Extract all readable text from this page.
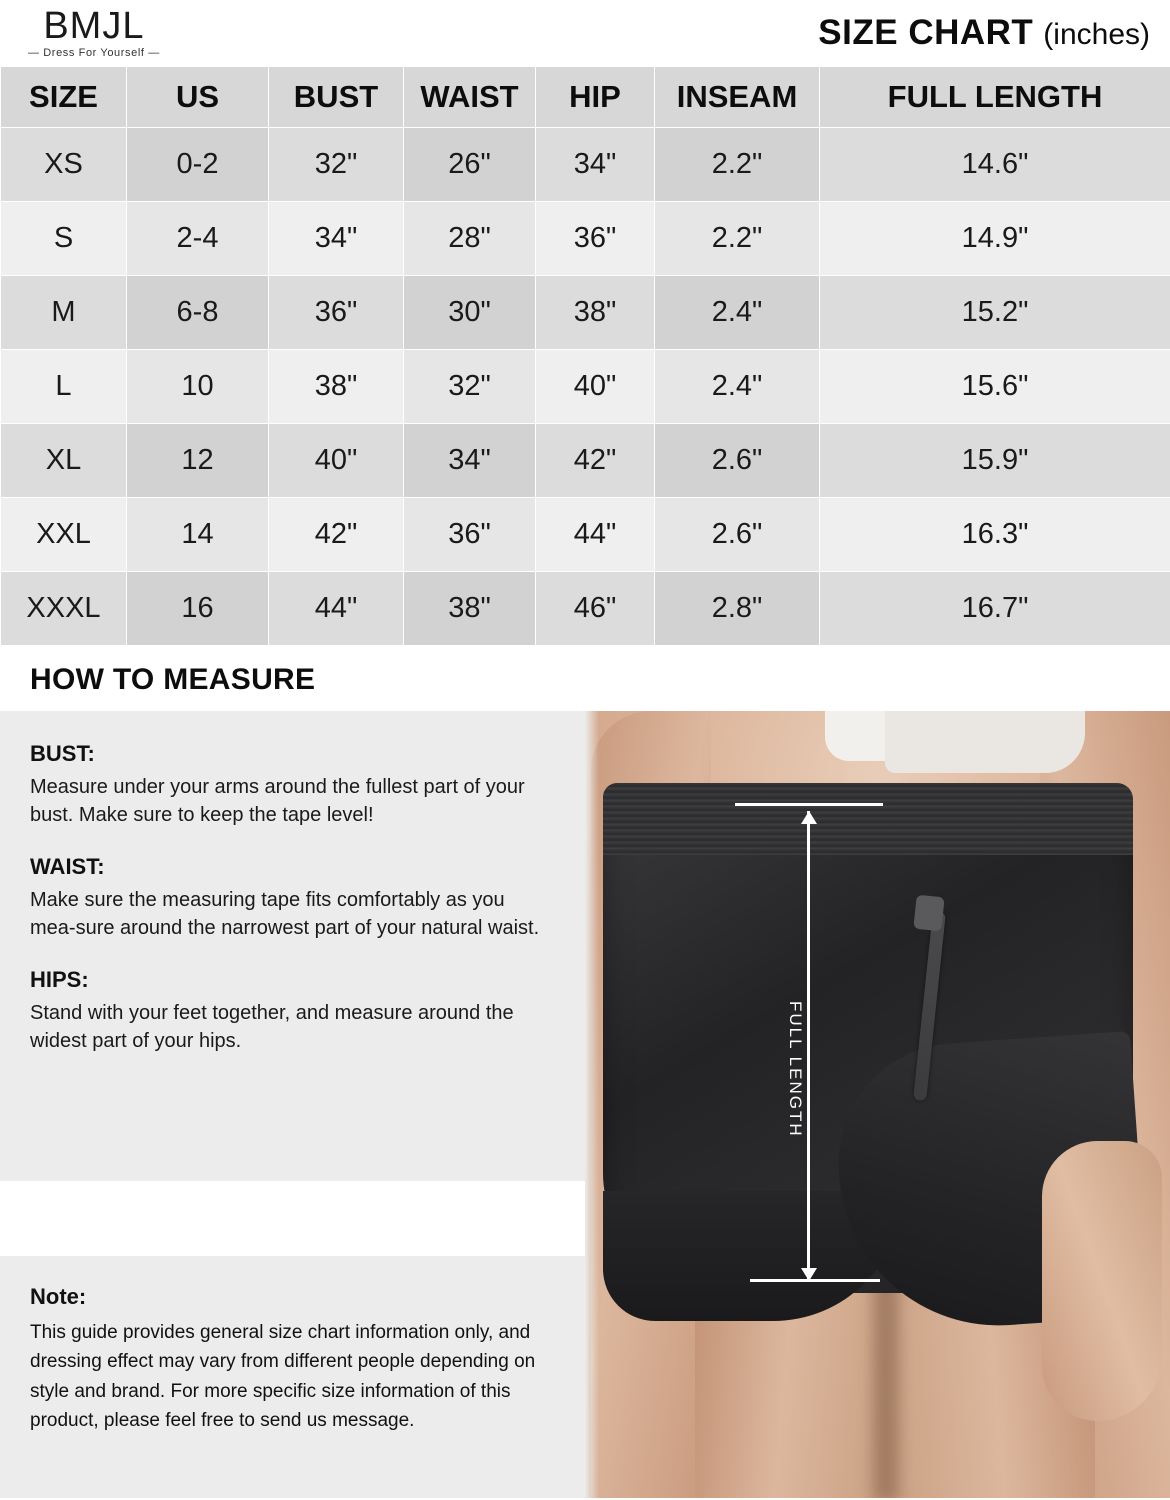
BMJL
— Dress For Yourself —
SIZE CHART (inches)
SIZE	US	BUST	WAIST	HIP	INSEAM	FULL LENGTH
XS	0-2	32"	26"	34"	2.2"	14.6"
S	2-4	34"	28"	36"	2.2"	14.9"
M	6-8	36"	30"	38"	2.4"	15.2"
L	10	38"	32"	40"	2.4"	15.6"
XL	12	40"	34"	42"	2.6"	15.9"
XXL	14	42"	36"	44"	2.6"	16.3"
XXXL	16	44"	38"	46"	2.8"	16.7"
HOW TO MEASURE
BUST:

Measure under your arms around the fullest part of your bust. Make sure to keep the tape level!

WAIST:

Make sure the measuring tape fits comfortably as you mea-sure around the narrowest part of your natural waist.

HIPS:

Stand with your feet together, and measure around the widest part of your hips.

Note:

This guide provides general size chart information only, and dressing effect may vary from different people depending on style and brand. For more specific size information of this product, please feel free to send us message.

FULL LENGTH
